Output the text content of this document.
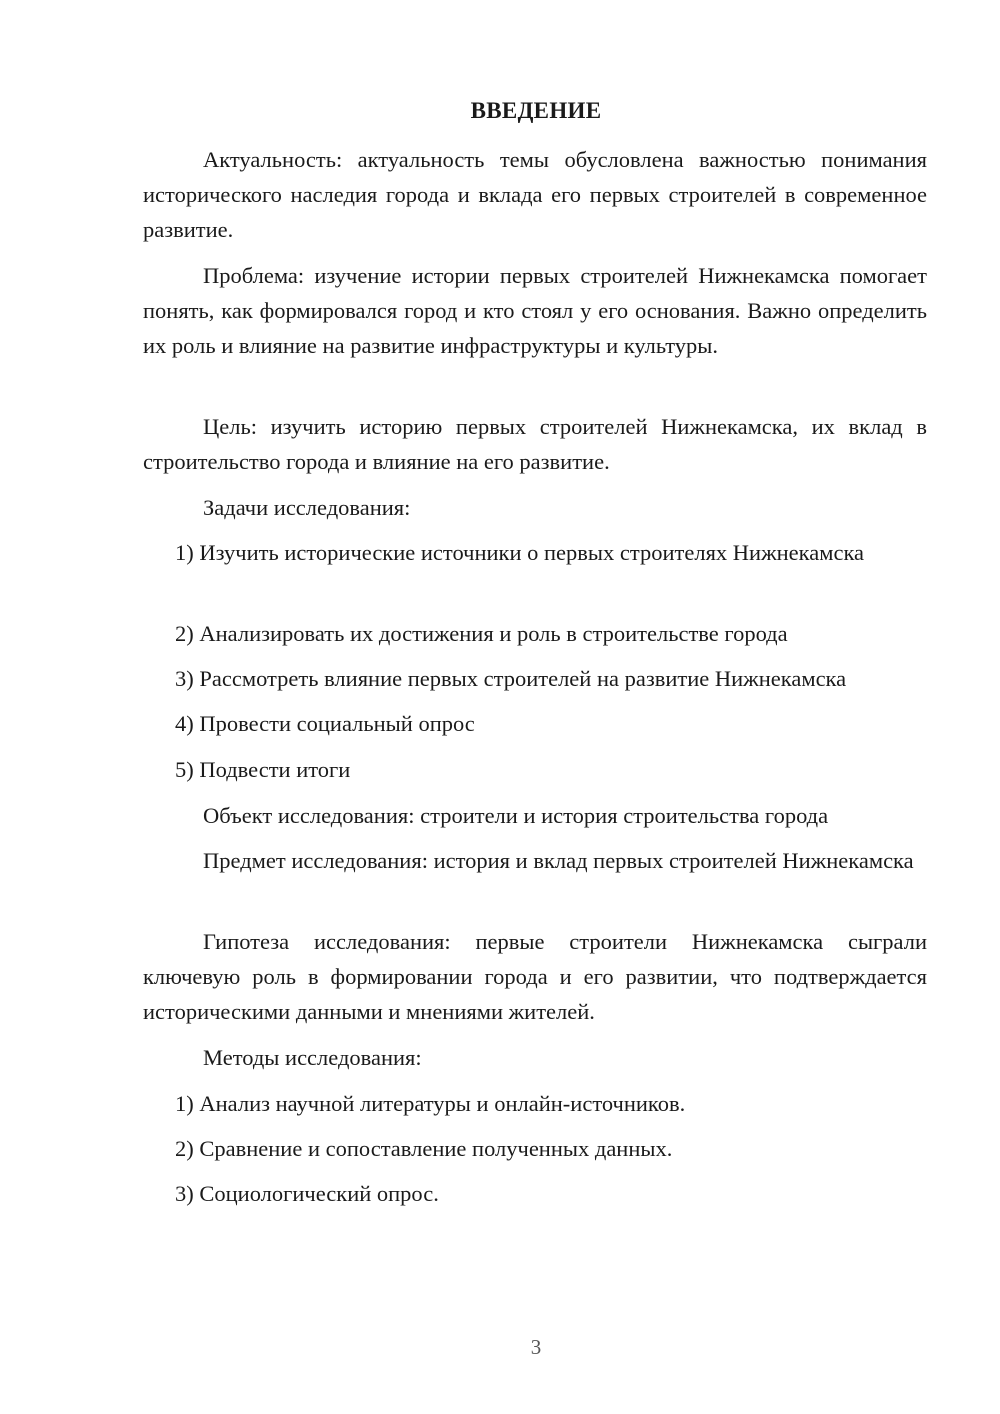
ВВЕДЕНИЕ

Актуальность: актуальность темы обусловлена важностью понимания исторического наследия города и вклада его первых строителей в современное развитие.

Проблема: изучение истории первых строителей Нижнекамска помогает понять, как формировался город и кто стоял у его основания. Важно определить их роль и влияние на развитие инфраструктуры и культуры.

Цель: изучить историю первых строителей Нижнекамска, их вклад в строительство города и влияние на его развитие.

Задачи исследования:

1) Изучить исторические источники о первых строителях Нижнекамска

2) Анализировать их достижения и роль в строительстве города

3) Рассмотреть влияние первых строителей на развитие Нижнекамска

4) Провести социальный опрос

5) Подвести итоги

Объект исследования: строители и история строительства города

Предмет исследования: история и вклад первых строителей Нижнекамска

Гипотеза исследования: первые строители Нижнекамска сыграли ключевую роль в формировании города и его развитии, что подтверждается историческими данными и мнениями жителей.

Методы исследования:

1) Анализ научной литературы и онлайн-источников.

2) Сравнение и сопоставление полученных данных.

3) Социологический опрос.

3
